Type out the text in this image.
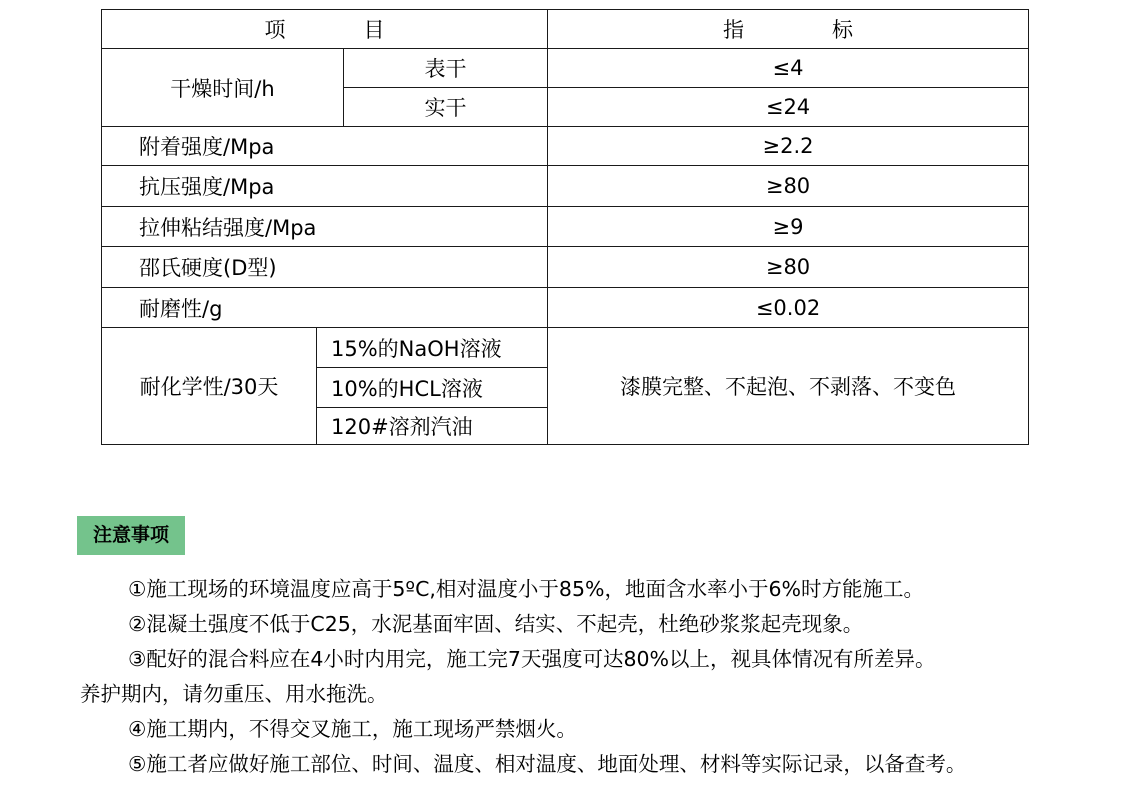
项 目			指 标
干燥时间/h		表干	≤4
		实干	≤24
附着强度/Mpa			≥2.2
抗压强度/Mpa			≥80
拉伸粘结强度/Mpa			≥9
邵氏硬度(D型)			≥80
耐磨性/g			≤0.02
耐化学性/30天	15%的NaOH溶液		漆膜完整、不起泡、不剥落、不变色
	10%的HCL溶液		
	120#溶剂汽油		
注意事项

①施工现场的环境温度应高于5ºC,相对温度小于85%，地面含水率小于6%时方能施工。

②混凝土强度不低于C25，水泥基面牢固、结实、不起壳，杜绝砂浆浆起壳现象。

③配好的混合料应在4小时内用完，施工完7天强度可达80%以上，视具体情况有所差异。

养护期内，请勿重压、用水拖洗。

④施工期内，不得交叉施工，施工现场严禁烟火。

⑤施工者应做好施工部位、时间、温度、相对温度、地面处理、材料等实际记录，以备查考。
